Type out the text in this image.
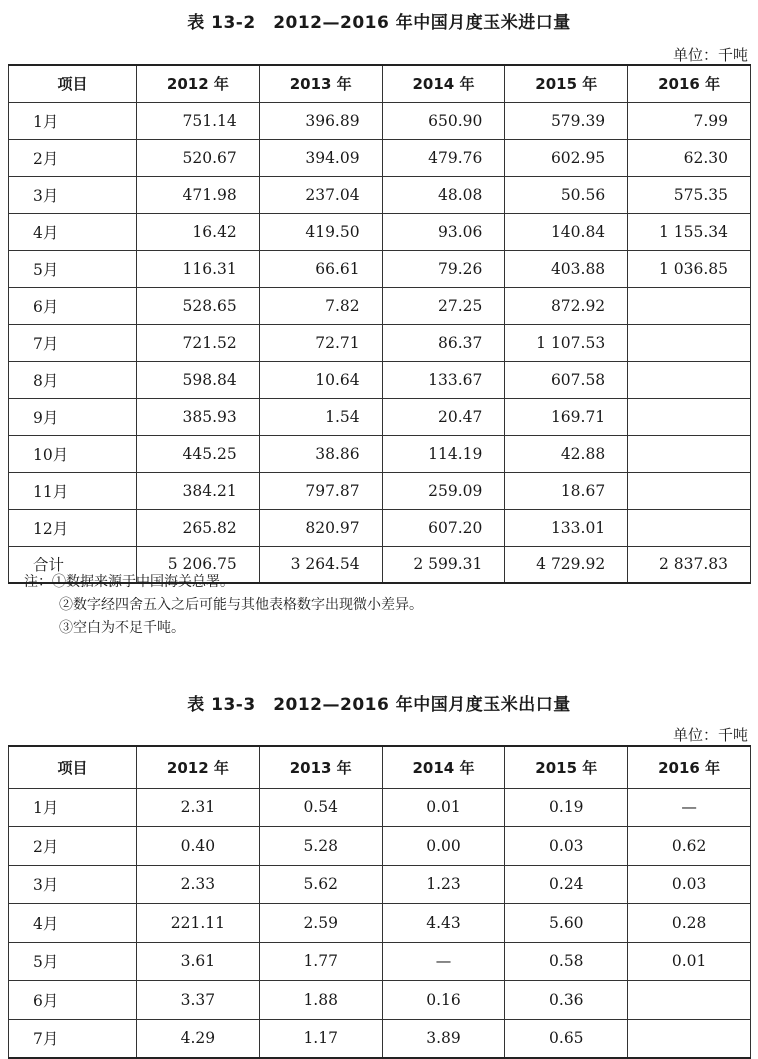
表 13-2　2012—2016 年中国月度玉米进口量
单位：千吨
项目	2012 年	2013 年	2014 年	2015 年	2016 年
1月	751.14	396.89	650.90	579.39	7.99
2月	520.67	394.09	479.76	602.95	62.30
3月	471.98	237.04	48.08	50.56	575.35
4月	16.42	419.50	93.06	140.84	1 155.34
5月	116.31	66.61	79.26	403.88	1 036.85
6月	528.65	7.82	27.25	872.92	
7月	721.52	72.71	86.37	1 107.53	
8月	598.84	10.64	133.67	607.58	
9月	385.93	1.54	20.47	169.71	
10月	445.25	38.86	114.19	42.88	
11月	384.21	797.87	259.09	18.67	
12月	265.82	820.97	607.20	133.01	
合计	5 206.75	3 264.54	2 599.31	4 729.92	2 837.83
注：①数据来源于中国海关总署。
②数字经四舍五入之后可能与其他表格数字出现微小差异。
③空白为不足千吨。
表 13-3　2012—2016 年中国月度玉米出口量
单位：千吨
项目	2012 年	2013 年	2014 年	2015 年	2016 年
1月	2.31	0.54	0.01	0.19	—
2月	0.40	5.28	0.00	0.03	0.62
3月	2.33	5.62	1.23	0.24	0.03
4月	221.11	2.59	4.43	5.60	0.28
5月	3.61	1.77	—	0.58	0.01
6月	3.37	1.88	0.16	0.36	
7月	4.29	1.17	3.89	0.65	
